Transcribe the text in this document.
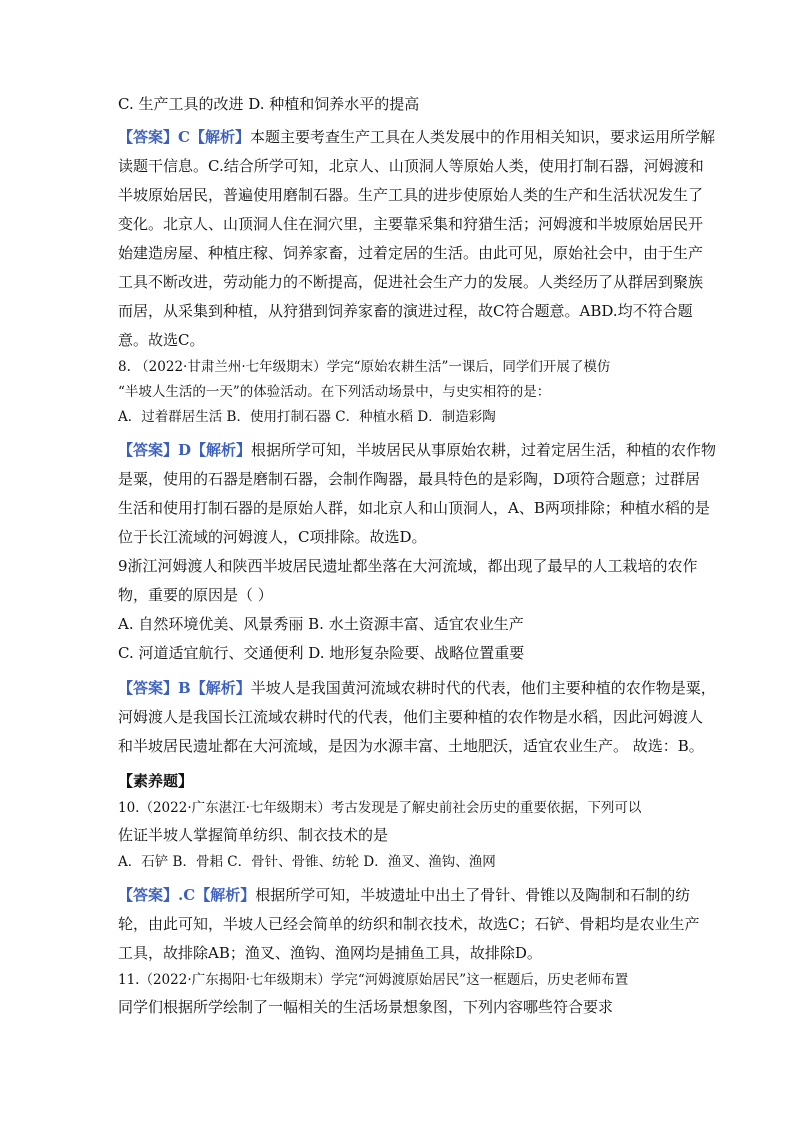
C. 生产工具的改进 D. 种植和饲养水平的提高
【答案】C【解析】本题主要考查生产工具在人类发展中的作用相关知识，要求运用所学解
读题干信息。C.结合所学可知，北京人、山顶洞人等原始人类，使用打制石器，河姆渡和
半坡原始居民，普遍使用磨制石器。生产工具的进步使原始人类的生产和生活状况发生了
变化。北京人、山顶洞人住在洞穴里，主要靠采集和狩猎生活；河姆渡和半坡原始居民开
始建造房屋、种植庄稼、饲养家畜，过着定居的生活。由此可见，原始社会中，由于生产
工具不断改进，劳动能力的不断提高，促进社会生产力的发展。人类经历了从群居到聚族
而居，从采集到种植，从狩猎到饲养家畜的演进过程，故C符合题意。ABD.均不符合题
意。故选C。
8. （2022·甘肃兰州·七年级期末）学完“原始农耕生活”一课后，同学们开展了模仿
“半坡人生活的一天”的体验活动。在下列活动场景中，与史实相符的是：
A．过着群居生活 B．使用打制石器 C．种植水稻 D．制造彩陶
【答案】D【解析】根据所学可知，半坡居民从事原始农耕，过着定居生活，种植的农作物
是粟，使用的石器是磨制石器，会制作陶器，最具特色的是彩陶，D项符合题意；过群居
生活和使用打制石器的是原始人群，如北京人和山顶洞人，A、B两项排除；种植水稻的是
位于长江流域的河姆渡人，C项排除。故选D。
9浙江河姆渡人和陕西半坡居民遗址都坐落在大河流域，都出现了最早的人工栽培的农作
物，重要的原因是（ ）
A. 自然环境优美、风景秀丽 B. 水土资源丰富、适宜农业生产
C. 河道适宜航行、交通便利 D. 地形复杂险要、战略位置重要
【答案】B【解析】半坡人是我国黄河流域农耕时代的代表，他们主要种植的农作物是粟，
河姆渡人是我国长江流域农耕时代的代表，他们主要种植的农作物是水稻，因此河姆渡人
和半坡居民遗址都在大河流域，是因为水源丰富、土地肥沃，适宜农业生产。 故选：B。
【素养题】
10.（2022·广东湛江·七年级期末）考古发现是了解史前社会历史的重要依据，下列可以
佐证半坡人掌握简单纺织、制衣技术的是
A．石铲 B．骨耜 C．骨针、骨锥、纺轮 D．渔叉、渔钩、渔网
【答案】.C【解析】根据所学可知，半坡遗址中出土了骨针、骨锥以及陶制和石制的纺
轮，由此可知，半坡人已经会简单的纺织和制衣技术，故选C；石铲、骨耜均是农业生产
工具，故排除AB；渔叉、渔钩、渔网均是捕鱼工具，故排除D。
11.（2022·广东揭阳·七年级期末）学完“河姆渡原始居民”这一框题后，历史老师布置
同学们根据所学绘制了一幅相关的生活场景想象图，下列内容哪些符合要求
